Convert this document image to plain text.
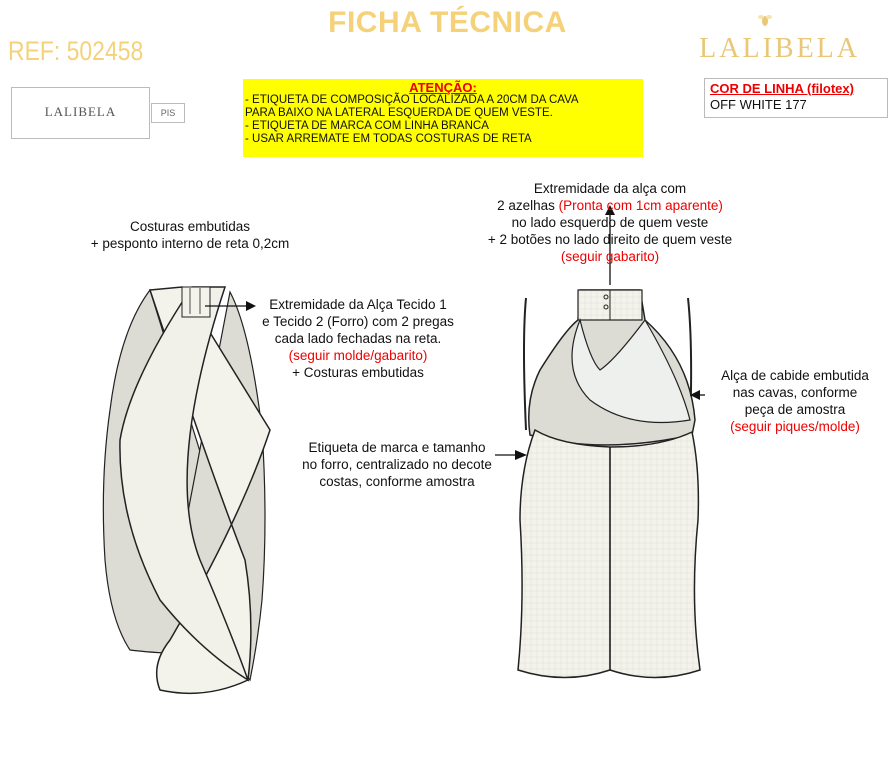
FICHA TÉCNICA
REF: 502458	LALIBELA
LALIBELA	PIS
ATENÇÃO:
- ETIQUETA DE COMPOSIÇÃO LOCALIZADA A 20CM DA CAVA
PARA BAIXO NA LATERAL ESQUERDA DE QUEM VESTE.
- ETIQUETA DE MARCA COM LINHA BRANCA
- USAR ARREMATE EM TODAS COSTURAS DE RETA
COR DE LINHA (filotex)
OFF WHITE 177
Costuras embutidas
+ pesponto interno de reta 0,2cm
Extremidade da Alça Tecido 1
e Tecido 2 (Forro) com 2 pregas
cada lado fechadas na reta.
(seguir molde/gabarito)
+ Costuras embutidas
Extremidade da alça com
2 azelhas (Pronta com 1cm aparente)
no lado esquerdo de quem veste
+ 2 botões no lado direito de quem veste
(seguir gabarito)
Etiqueta de marca e tamanho
no forro, centralizado no decote
costas, conforme amostra
Alça de cabide embutida
nas cavas, conforme
peça de amostra
(seguir piques/molde)
